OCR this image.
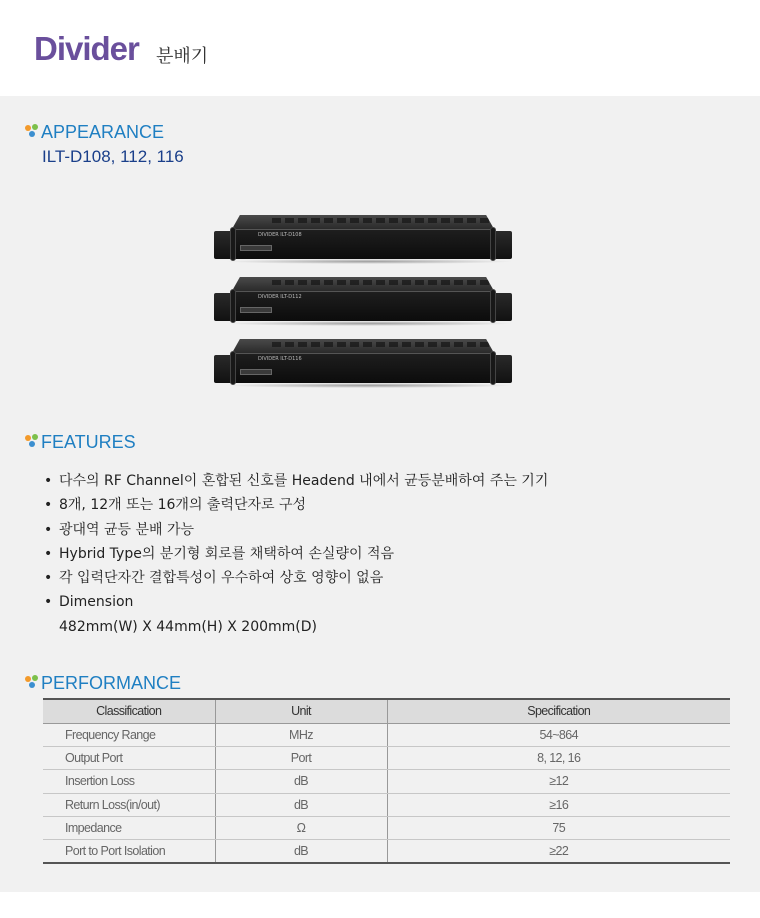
Divider 분배기
APPEARANCE
ILT-D108, 112, 116
DIVIDER ILT-D108
DIVIDER ILT-D112
DIVIDER ILT-D116
FEATURES
• 다수의 RF Channel이 혼합된 신호를 Headend 내에서 균등분배하여 주는 기기
• 8개, 12개 또는 16개의 출력단자로 구성
• 광대역 균등 분배 가능
• Hybrid Type의 분기형 회로를 채택하여 손실량이 적음
• 각 입력단자간 결합특성이 우수하여 상호 영향이 없음
• Dimension
482mm(W) X 44mm(H) X 200mm(D)
PERFORMANCE
Classification	Unit	Specification
Frequency Range	MHz	54~864
Output Port	Port	8, 12, 16
Insertion Loss	dB	≥12
Return Loss(in/out)	dB	≥16
Impedance	Ω	75
Port to Port Isolation	dB	≥22
